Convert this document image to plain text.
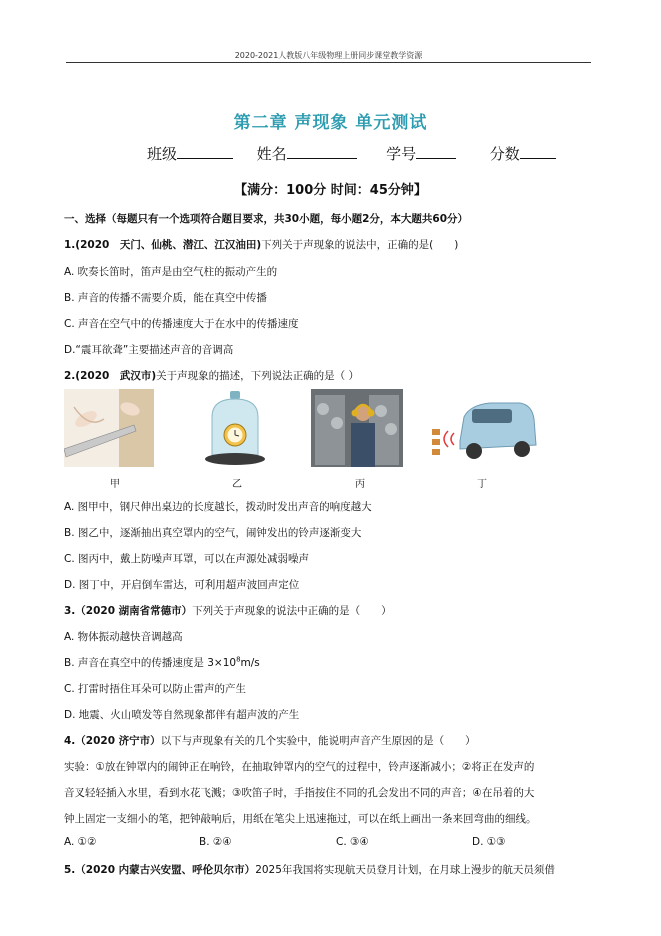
2020-2021人教版八年级物理上册同步课堂教学资源
第二章 声现象 单元测试
班级	姓名	学号	分数
【满分：100分 时间：45分钟】
一、选择（每题只有一个选项符合题目要求，共30小题，每小题2分，本大题共60分）
1.(2020　天门、仙桃、潜江、江汉油田)下列关于声现象的说法中，正确的是(　　)
A. 吹奏长笛时，笛声是由空气柱的振动产生的
B. 声音的传播不需要介质，能在真空中传播
C. 声音在空气中的传播速度大于在水中的传播速度
D.“震耳欲聋”主要描述声音的音调高
2.(2020　武汉市)关于声现象的描述，下列说法正确的是（ ）
甲	乙	丙	丁
A. 图甲中，钢尺伸出桌边的长度越长，拨动时发出声音的响度越大
B. 图乙中，逐渐抽出真空罩内的空气，闹钟发出的铃声逐渐变大
C. 图丙中，戴上防噪声耳罩，可以在声源处减弱噪声
D. 图丁中，开启倒车雷达，可利用超声波回声定位
3.（2020 湖南省常德市）下列关于声现象的说法中正确的是（　　）
A. 物体振动越快音调越高
B. 声音在真空中的传播速度是 $3\times 10^8m/s$
C. 打雷时捂住耳朵可以防止雷声的产生
D. 地震、火山喷发等自然现象都伴有超声波的产生
4.（2020 济宁市）以下与声现象有关的几个实验中，能说明声音产生原因的是（　　）
实验：①放在钟罩内的闹钟正在响铃，在抽取钟罩内的空气的过程中，铃声逐渐减小；②将正在发声的
音叉轻轻插入水里，看到水花飞溅；③吹笛子时，手指按住不同的孔会发出不同的声音；④在吊着的大
钟上固定一支细小的笔，把钟敲响后，用纸在笔尖上迅速拖过，可以在纸上画出一条来回弯曲的细线。
A. ①②	B. ②④	C. ③④	D. ①③
5.（2020 内蒙古兴安盟、呼伦贝尔市）2025年我国将实现航天员登月计划，在月球上漫步的航天员须借
